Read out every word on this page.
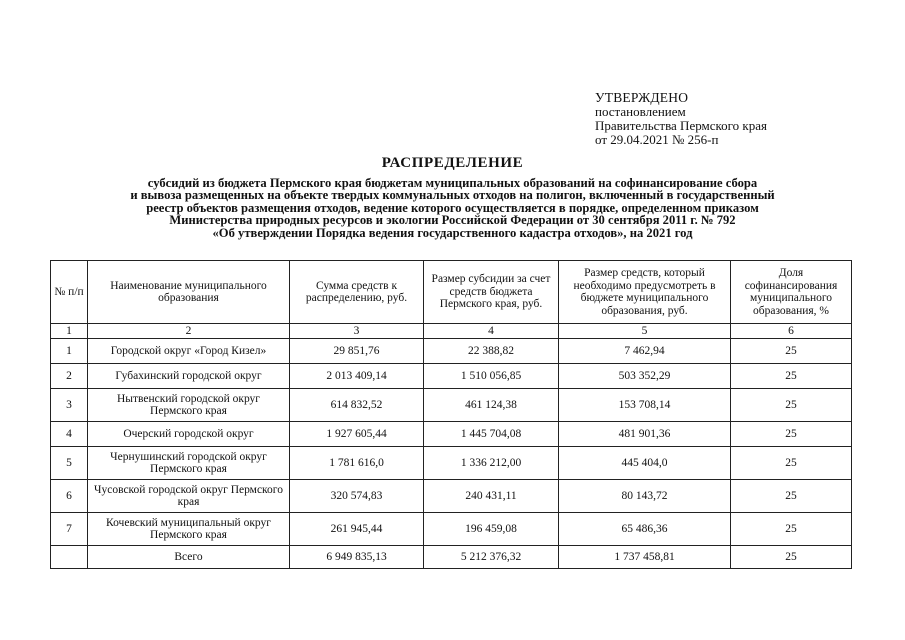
УТВЕРЖДЕНО
постановлением
Правительства Пермского края
от 29.04.2021 № 256-п
РАСПРЕДЕЛЕНИЕ
субсидий из бюджета Пермского края бюджетам муниципальных образований на софинансирование сбора
и вывоза размещенных на объекте твердых коммунальных отходов на полигон, включенный в государственный
реестр объектов размещения отходов, ведение которого осуществляется в порядке, определенном приказом
Министерства природных ресурсов и экологии Российской Федерации от 30 сентября 2011 г. № 792
«Об утверждении Порядка ведения государственного кадастра отходов», на 2021 год
№ п/п	Наименование муниципального образования	Сумма средств к распределению, руб.	Размер субсидии за счет средств бюджета Пермского края, руб.	Размер средств, который необходимо предусмотреть в бюджете муниципального образования, руб.	Доля софинансирования муниципального образования, %
1	2	3	4	5	6
1	Городской округ «Город Кизел»	29 851,76	22 388,82	7 462,94	25
2	Губахинский городской округ	2 013 409,14	1 510 056,85	503 352,29	25
3	Нытвенский городской округ Пермского края	614 832,52	461 124,38	153 708,14	25
4	Очерский городской округ	1 927 605,44	1 445 704,08	481 901,36	25
5	Чернушинский городской округ Пермского края	1 781 616,0	1 336 212,00	445 404,0	25
6	Чусовской городской округ Пермского края	320 574,83	240 431,11	80 143,72	25
7	Кочевский муниципальный округ Пермского края	261 945,44	196 459,08	65 486,36	25
	Всего	6 949 835,13	5 212 376,32	1 737 458,81	25
